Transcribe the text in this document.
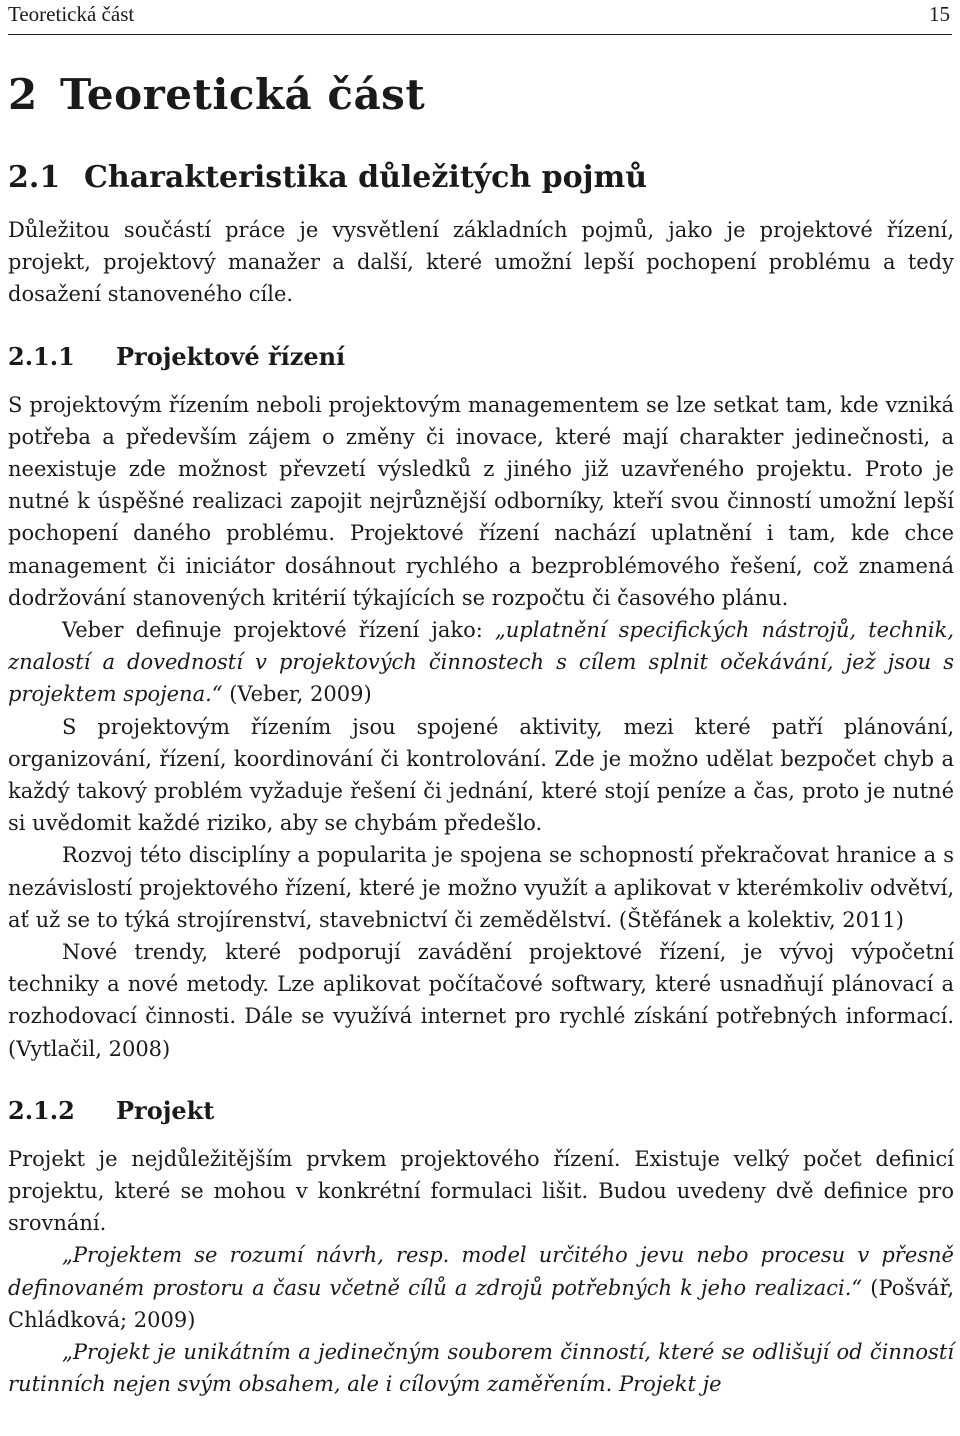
Teoretická část	15
2 Teoretická část
2.1 Charakteristika důležitých pojmů

Důležitou součástí práce je vysvětlení základních pojmů, jako je projektové řízení, projekt, projektový manažer a další, které umožní lepší pochopení problému a tedy dosažení stanoveného cíle.

2.1.1 Projektové řízení

S projektovým řízením neboli projektovým managementem se lze setkat tam, kde vzniká potřeba a především zájem o změny či inovace, které mají charakter jedinečnosti, a neexistuje zde možnost převzetí výsledků z jiného již uzavřeného projektu. Proto je nutné k úspěšné realizaci zapojit nejrůznější odborníky, kteří svou činností umožní lepší pochopení daného problému. Projektové řízení nachází uplatnění i tam, kde chce management či iniciátor dosáhnout rychlého a bezproblémového řešení, což znamená dodržování stanovených kritérií týkajících se rozpočtu či časového plánu.

Veber definuje projektové řízení jako: „uplatnění specifických nástrojů, technik, znalostí a dovedností v projektových činnostech s cílem splnit očekávání, jež jsou s projektem spojena.“ (Veber, 2009)

S projektovým řízením jsou spojené aktivity, mezi které patří plánování, organizování, řízení, koordinování či kontrolování. Zde je možno udělat bezpočet chyb a každý takový problém vyžaduje řešení či jednání, které stojí peníze a čas, proto je nutné si uvědomit každé riziko, aby se chybám předešlo.

Rozvoj této disciplíny a popularita je spojena se schopností překračovat hranice a s nezávislostí projektového řízení, které je možno využít a aplikovat v kterémkoliv odvětví, ať už se to týká strojírenství, stavebnictví či zemědělství. (Štěfánek a kolektiv, 2011)

Nové trendy, které podporují zavádění projektové řízení, je vývoj výpočetní techniky a nové metody. Lze aplikovat počítačové softwary, které usnadňují plánovací a rozhodovací činnosti. Dále se využívá internet pro rychlé získání potřebných informací. (Vytlačil, 2008)

2.1.2 Projekt

Projekt je nejdůležitějším prvkem projektového řízení. Existuje velký počet definicí projektu, které se mohou v konkrétní formulaci lišit. Budou uvedeny dvě definice pro srovnání.

„Projektem se rozumí návrh, resp. model určitého jevu nebo procesu v přesně definovaném prostoru a času včetně cílů a zdrojů potřebných k jeho realizaci.“ (Pošvář, Chládková; 2009)

„Projekt je unikátním a jedinečným souborem činností, které se odlišují od činností rutinních nejen svým obsahem, ale i cílovým zaměřením. Projekt je
